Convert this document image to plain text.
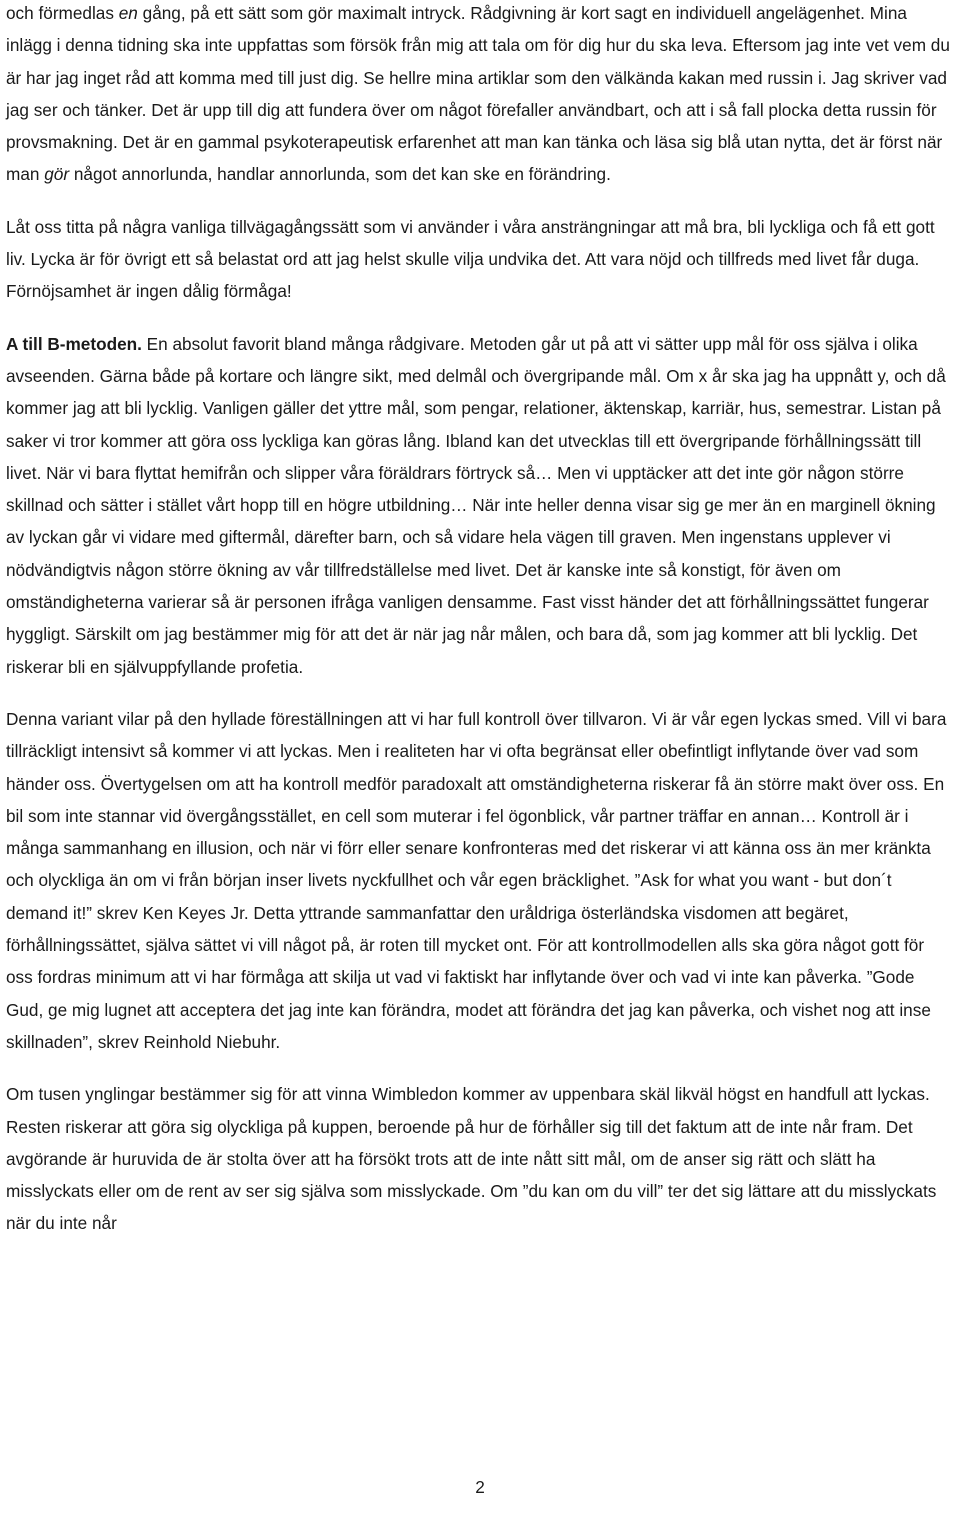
och förmedlas en gång, på ett sätt som gör maximalt intryck. Rådgivning är kort sagt en individuell angelägenhet. Mina inlägg i denna tidning ska inte uppfattas som försök från mig att tala om för dig hur du ska leva. Eftersom jag inte vet vem du är har jag inget råd att komma med till just dig. Se hellre mina artiklar som den välkända kakan med russin i. Jag skriver vad jag ser och tänker. Det är upp till dig att fundera över om något förefaller användbart, och att i så fall plocka detta russin för provsmakning. Det är en gammal psykoterapeutisk erfarenhet att man kan tänka och läsa sig blå utan nytta, det är först när man gör något annorlunda, handlar annorlunda, som det kan ske en förändring.

Låt oss titta på några vanliga tillvägagångssätt som vi använder i våra ansträngningar att må bra, bli lyckliga och få ett gott liv. Lycka är för övrigt ett så belastat ord att jag helst skulle vilja undvika det. Att vara nöjd och tillfreds med livet får duga. Förnöjsamhet är ingen dålig förmåga!

A till B-metoden. En absolut favorit bland många rådgivare. Metoden går ut på att vi sätter upp mål för oss själva i olika avseenden. Gärna både på kortare och längre sikt, med delmål och övergripande mål. Om x år ska jag ha uppnått y, och då kommer jag att bli lycklig. Vanligen gäller det yttre mål, som pengar, relationer, äktenskap, karriär, hus, semestrar. Listan på saker vi tror kommer att göra oss lyckliga kan göras lång. Ibland kan det utvecklas till ett övergripande förhållningssätt till livet. När vi bara flyttat hemifrån och slipper våra föräldrars förtryck så… Men vi upptäcker att det inte gör någon större skillnad och sätter i stället vårt hopp till en högre utbildning… När inte heller denna visar sig ge mer än en marginell ökning av lyckan går vi vidare med giftermål, därefter barn, och så vidare hela vägen till graven. Men ingenstans upplever vi nödvändigtvis någon större ökning av vår tillfredställelse med livet. Det är kanske inte så konstigt, för även om omständigheterna varierar så är personen ifråga vanligen densamme. Fast visst händer det att förhållningssättet fungerar hyggligt. Särskilt om jag bestämmer mig för att det är när jag når målen, och bara då, som jag kommer att bli lycklig. Det riskerar bli en självuppfyllande profetia.

Denna variant vilar på den hyllade föreställningen att vi har full kontroll över tillvaron. Vi är vår egen lyckas smed. Vill vi bara tillräckligt intensivt så kommer vi att lyckas. Men i realiteten har vi ofta begränsat eller obefintligt inflytande över vad som händer oss. Övertygelsen om att ha kontroll medför paradoxalt att omständigheterna riskerar få än större makt över oss. En bil som inte stannar vid övergångsstället, en cell som muterar i fel ögonblick, vår partner träffar en annan… Kontroll är i många sammanhang en illusion, och när vi förr eller senare konfronteras med det riskerar vi att känna oss än mer kränkta och olyckliga än om vi från början inser livets nyckfullhet och vår egen bräcklighet. ”Ask for what you want - but don´t demand it!” skrev Ken Keyes Jr. Detta yttrande sammanfattar den uråldriga österländska visdomen att begäret, förhållningssättet, själva sättet vi vill något på, är roten till mycket ont. För att kontrollmodellen alls ska göra något gott för oss fordras minimum att vi har förmåga att skilja ut vad vi faktiskt har inflytande över och vad vi inte kan påverka. ”Gode Gud, ge mig lugnet att acceptera det jag inte kan förändra, modet att förändra det jag kan påverka, och vishet nog att inse skillnaden”, skrev Reinhold Niebuhr.

Om tusen ynglingar bestämmer sig för att vinna Wimbledon kommer av uppenbara skäl likväl högst en handfull att lyckas. Resten riskerar att göra sig olyckliga på kuppen, beroende på hur de förhåller sig till det faktum att de inte når fram. Det avgörande är huruvida de är stolta över att ha försökt trots att de inte nått sitt mål, om de anser sig rätt och slätt ha misslyckats eller om de rent av ser sig själva som misslyckade. Om ”du kan om du vill” ter det sig lättare att du misslyckats när du inte når

2
